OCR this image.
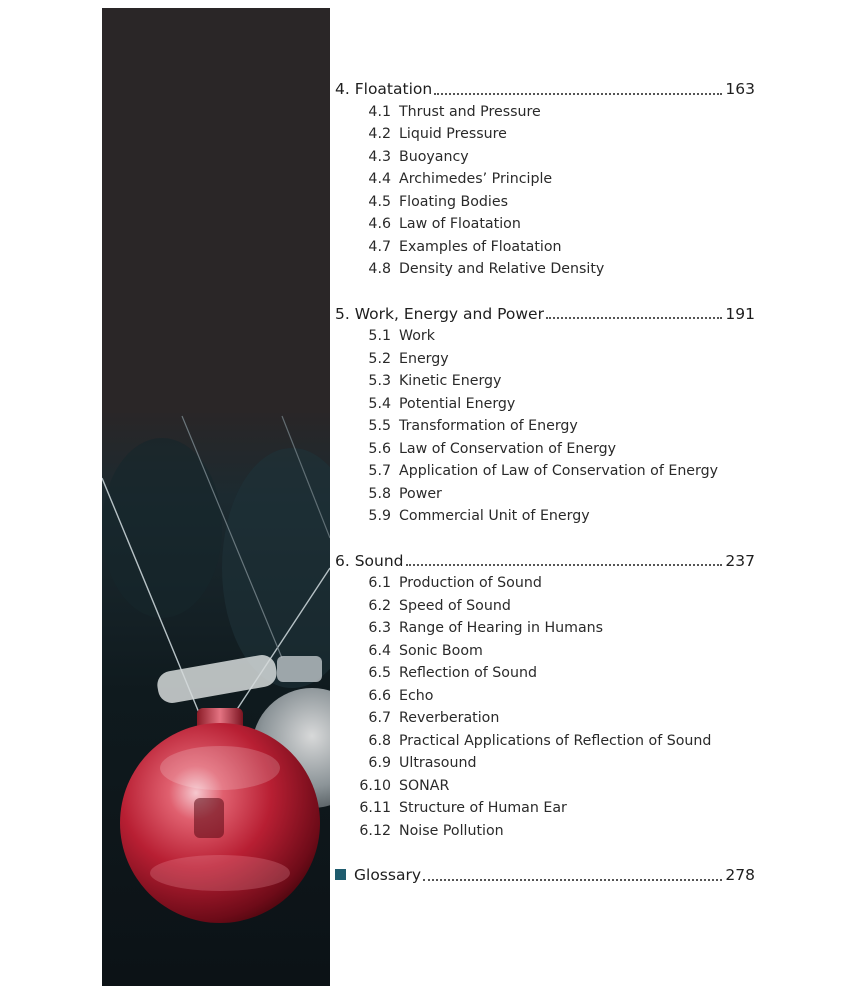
4. Floatation	163
4.1 Thrust and Pressure
4.2 Liquid Pressure
4.3 Buoyancy
4.4 Archimedes’ Principle
4.5 Floating Bodies
4.6 Law of Floatation
4.7 Examples of Floatation
4.8 Density and Relative Density
5. Work, Energy and Power	191
5.1 Work
5.2 Energy
5.3 Kinetic Energy
5.4 Potential Energy
5.5 Transformation of Energy
5.6 Law of Conservation of Energy
5.7 Application of Law of Conservation of Energy
5.8 Power
5.9 Commercial Unit of Energy
6. Sound	237
6.1 Production of Sound
6.2 Speed of Sound
6.3 Range of Hearing in Humans
6.4 Sonic Boom
6.5 Reflection of Sound
6.6 Echo
6.7 Reverberation
6.8 Practical Applications of Reflection of Sound
6.9 Ultrasound
6.10 SONAR
6.11 Structure of Human Ear
6.12 Noise Pollution
Glossary	278
